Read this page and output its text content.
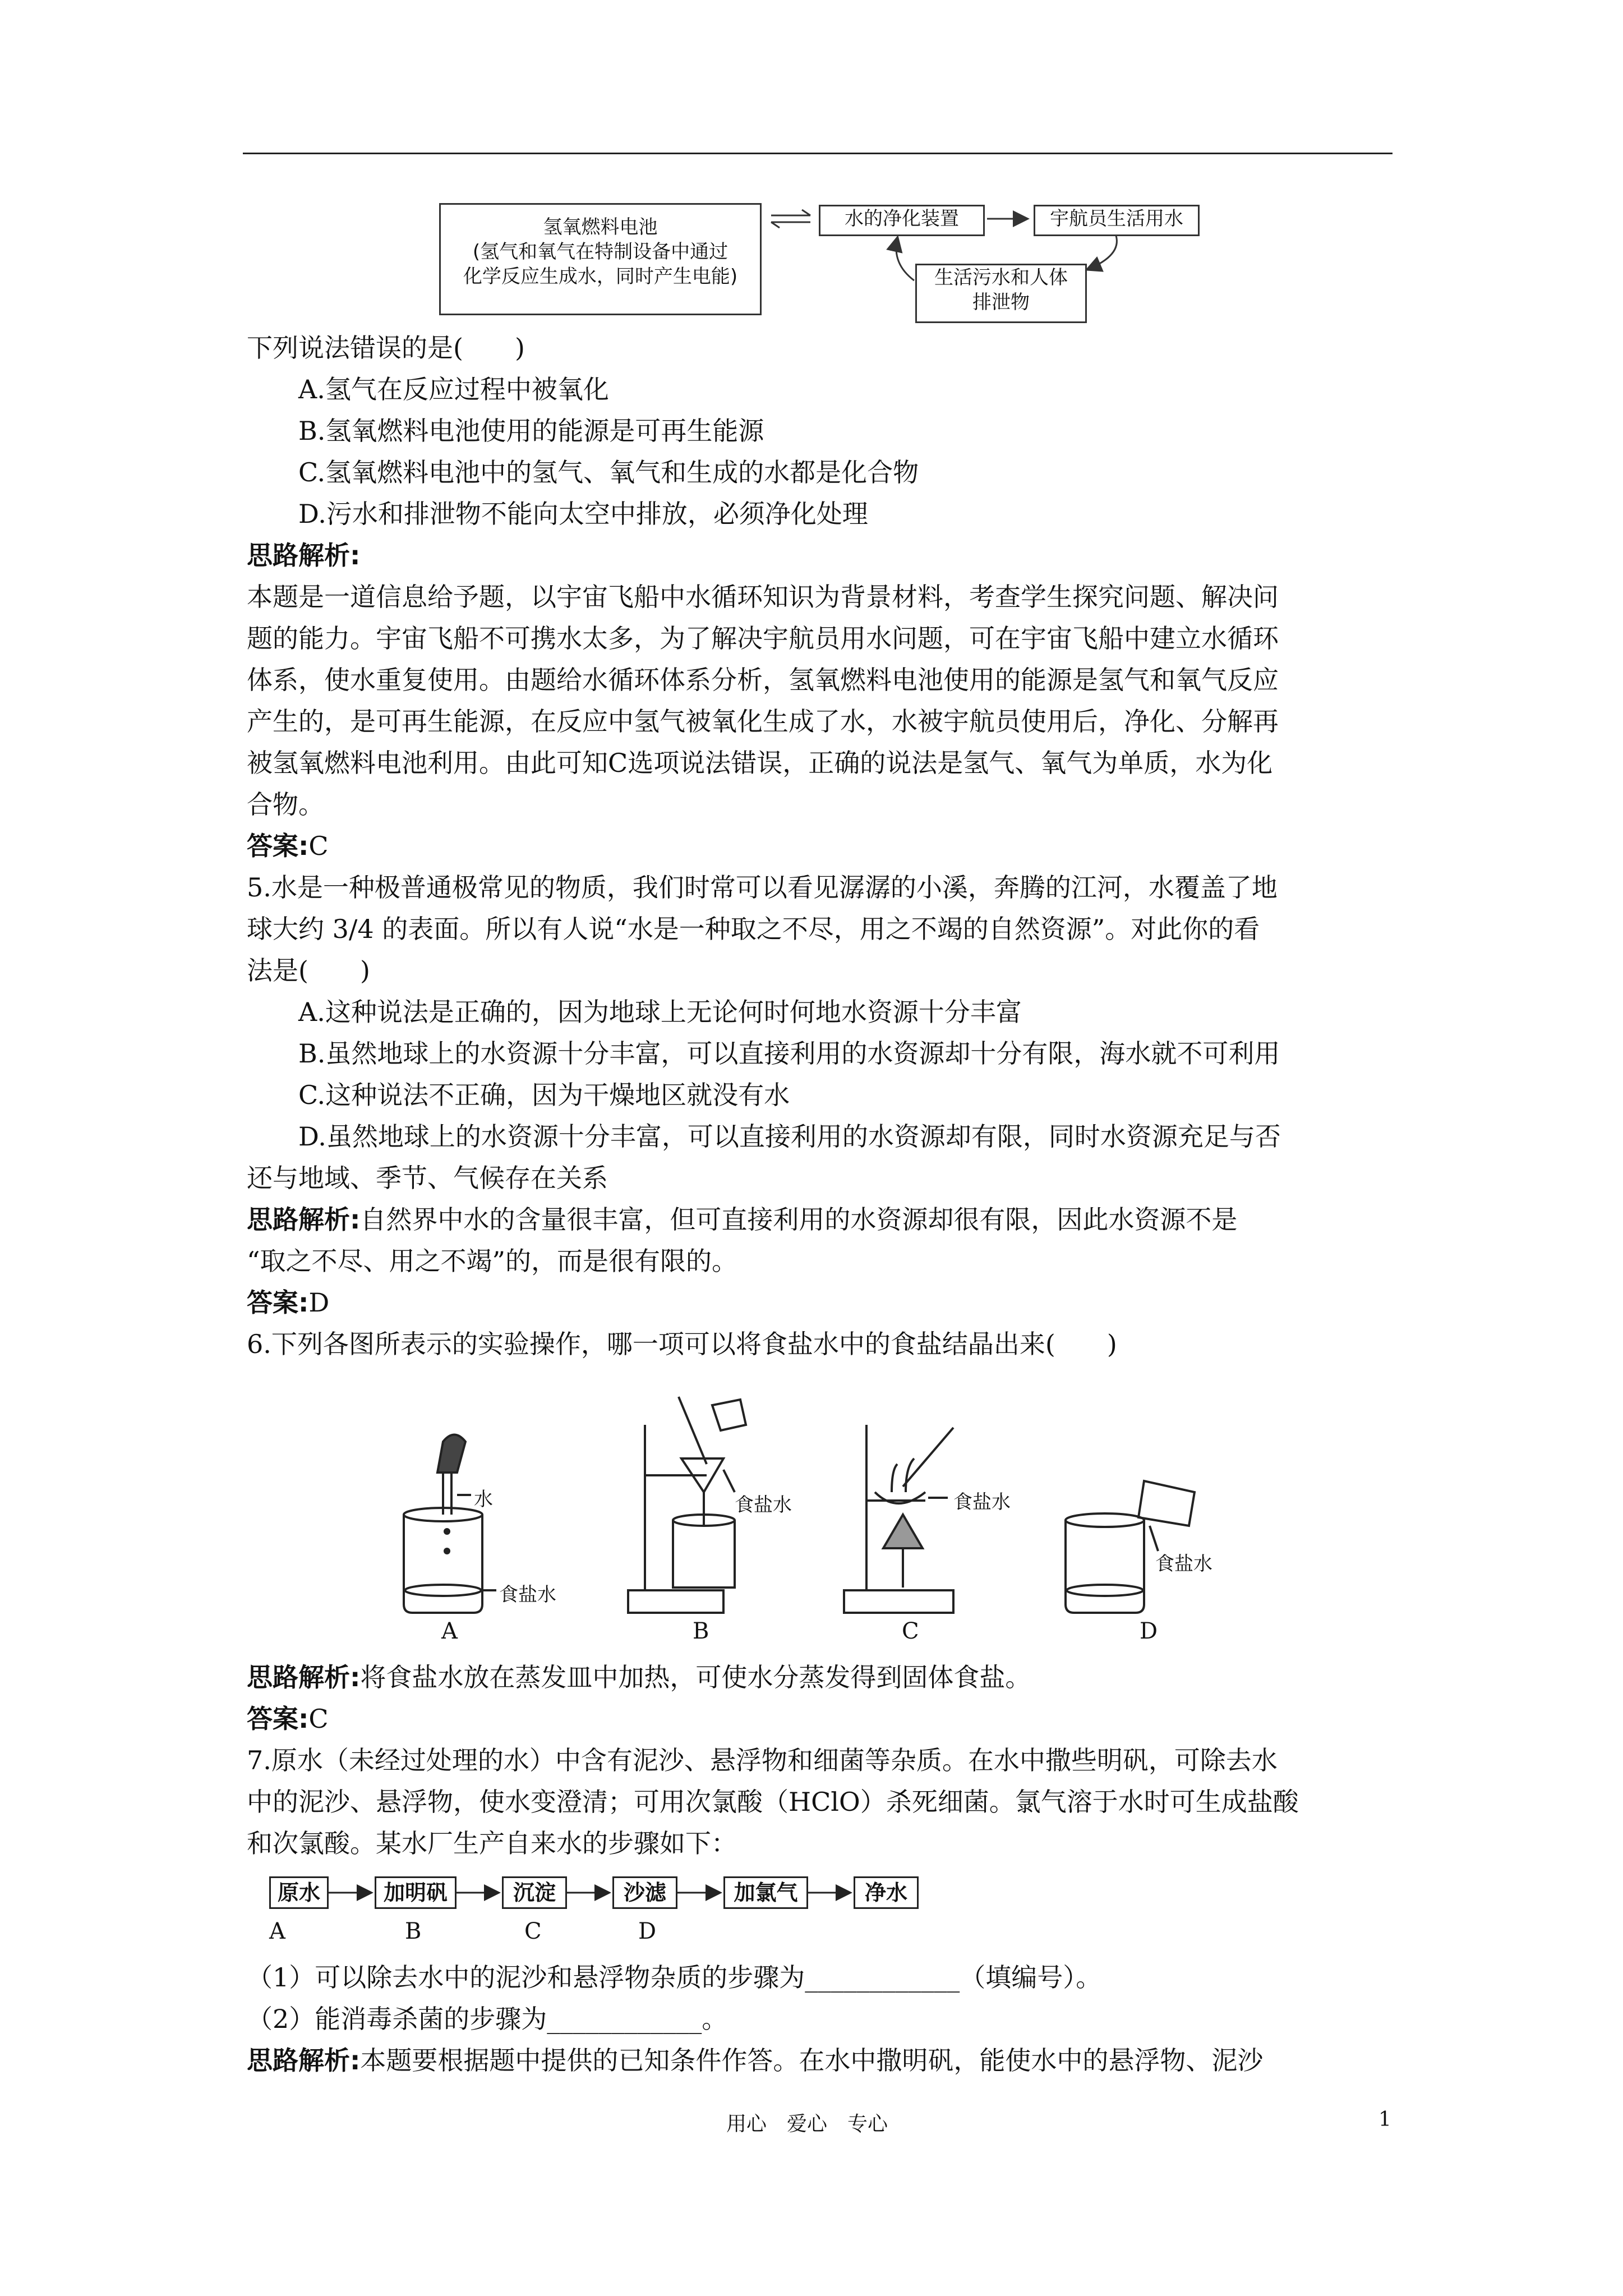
氢氧燃料电池
(氢气和氧气在特制设备中通过
化学反应生成水，同时产生电能)
水的净化装置	宇航员生活用水
生活污水和人体
排泄物
下列说法错误的是(　　)
A.氢气在反应过程中被氧化
B.氢氧燃料电池使用的能源是可再生能源
C.氢氧燃料电池中的氢气、氧气和生成的水都是化合物
D.污水和排泄物不能向太空中排放，必须净化处理
思路解析:
本题是一道信息给予题，以宇宙飞船中水循环知识为背景材料，考查学生探究问题、解决问
题的能力。宇宙飞船不可携水太多，为了解决宇航员用水问题，可在宇宙飞船中建立水循环
体系，使水重复使用。由题给水循环体系分析，氢氧燃料电池使用的能源是氢气和氧气反应
产生的，是可再生能源，在反应中氢气被氧化生成了水，水被宇航员使用后，净化、分解再
被氢氧燃料电池利用。由此可知C选项说法错误，正确的说法是氢气、氧气为单质，水为化
合物。
答案:C
5.水是一种极普通极常见的物质，我们时常可以看见潺潺的小溪，奔腾的江河，水覆盖了地
球大约 3/4 的表面。所以有人说“水是一种取之不尽，用之不竭的自然资源”。对此你的看
法是(　　)
A.这种说法是正确的，因为地球上无论何时何地水资源十分丰富
B.虽然地球上的水资源十分丰富，可以直接利用的水资源却十分有限，海水就不可利用
C.这种说法不正确，因为干燥地区就没有水
D.虽然地球上的水资源十分丰富，可以直接利用的水资源却有限，同时水资源充足与否
还与地域、季节、气候存在关系
思路解析:自然界中水的含量很丰富，但可直接利用的水资源却很有限，因此水资源不是
“取之不尽、用之不竭”的，而是很有限的。
答案:D
6.下列各图所表示的实验操作，哪一项可以将食盐水中的食盐结晶出来(　　)
水
食盐水
食盐水	食盐水
食盐水
A	B	C	D
思路解析:将食盐水放在蒸发皿中加热，可使水分蒸发得到固体食盐。
答案:C
7.原水（未经过处理的水）中含有泥沙、悬浮物和细菌等杂质。在水中撒些明矾，可除去水
中的泥沙、悬浮物，使水变澄清；可用次氯酸（HClO）杀死细菌。氯气溶于水时可生成盐酸
和次氯酸。某水厂生产自来水的步骤如下：
原水	加明矾	沉淀	沙滤	加氯气	净水
A	B	C	D
（1）可以除去水中的泥沙和悬浮物杂质的步骤为____________（填编号）。
（2）能消毒杀菌的步骤为____________。
思路解析:本题要根据题中提供的已知条件作答。在水中撒明矾，能使水中的悬浮物、泥沙
用心　爱心　专心	1
